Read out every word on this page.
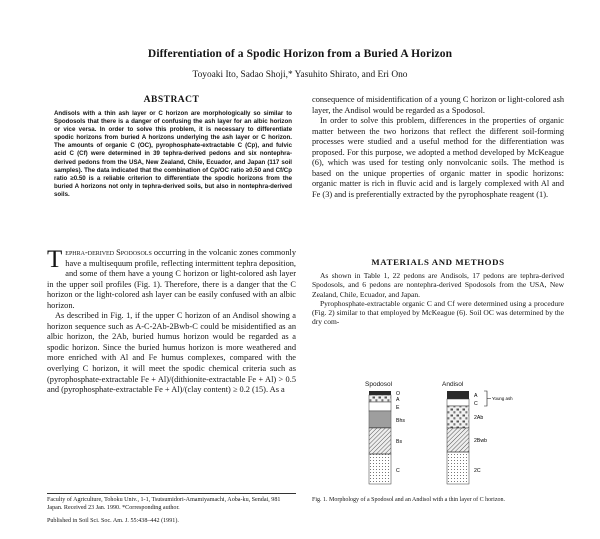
Differentiation of a Spodic Horizon from a Buried A Horizon
Toyoaki Ito, Sadao Shoji,* Yasuhito Shirato, and Eri Ono
ABSTRACT
Andisols with a thin ash layer or C horizon are morphologically so similar to Spodosols that there is a danger of confusing the ash layer for an albic horizon or vice versa. In order to solve this problem, it is necessary to differentiate spodic horizons from buried A horizons underlying the ash layer or C horizon. The amounts of organic C (OC), pyrophosphate-extractable C (Cp), and fulvic acid C (Cf) were determined in 39 tephra-derived pedons and six nontephra-derived pedons from the USA, New Zealand, Chile, Ecuador, and Japan (117 soil samples). The data indicated that the combination of Cp/OC ratio ≥0.50 and Cf/Cp ratio ≥0.50 is a reliable criterion to differentiate the spodic horizons from the buried A horizons not only in tephra-derived soils, but also in nontephra-derived soils.

Tephra-derived Spodosols occurring in the volcanic zones commonly have a multisequum profile, reflecting intermittent tephra deposition, and some of them have a young C horizon or light-colored ash layer in the upper soil profiles (Fig. 1). Therefore, there is a danger that the C horizon or the light-colored ash layer can be easily confused with an albic horizon.

As described in Fig. 1, if the upper C horizon of an Andisol showing a horizon sequence such as A-C-2Ab-2Bwb-C could be misidentified as an albic horizon, the 2Ab, buried humus horizon would be regarded as a spodic horizon. Since the buried humus horizon is more weathered and more enriched with Al and Fe humus complexes, compared with the overlying C horizon, it will meet the spodic chemical criteria such as (pyrophosphate-extractable Fe + Al)/(dithionite-extractable Fe + Al) > 0.5 and (pyrophosphate-extractable Fe + Al)/(clay content) ≥ 0.2 (15). As a

Faculty of Agriculture, Tohoku Univ., 1-1, Tsutsumidori-Amamiyamachi, Aoba-ku, Sendai, 981 Japan. Received 23 Jan. 1990. *Corresponding author.

Published in Soil Sci. Soc. Am. J. 55:438–442 (1991).

consequence of misidentification of a young C horizon or light-colored ash layer, the Andisol would be regarded as a Spodosol.

In order to solve this problem, differences in the properties of organic matter between the two horizons that reflect the different soil-forming processes were studied and a useful method for the differentiation was proposed. For this purpose, we adopted a method developed by McKeague (6), which was used for testing only nonvolcanic soils. The method is based on the unique properties of organic matter in spodic horizons: organic matter is rich in fluvic acid and is largely complexed with Al and Fe (3) and is preferentially extracted by the pyrophosphate reagent (1).

MATERIALS AND METHODS

As shown in Table 1, 22 pedons are Andisols, 17 pedons are tephra-derived Spodosols, and 6 pedons are nontephra-derived Spodosols from the USA, New Zealand, Chile, Ecuador, and Japan.

Pyrophosphate-extractable organic C and Cf were determined using a procedure (Fig. 2) similar to that employed by McKeague (6). Soil OC was determined by the dry com-

Spodosol	Andisol
O
A
E
Bhs
Bs
C
A
C
2Ab
2Bwb
2C
Young ash
Fig. 1. Morphology of a Spodosol and an Andisol with a thin layer of C horizon.
